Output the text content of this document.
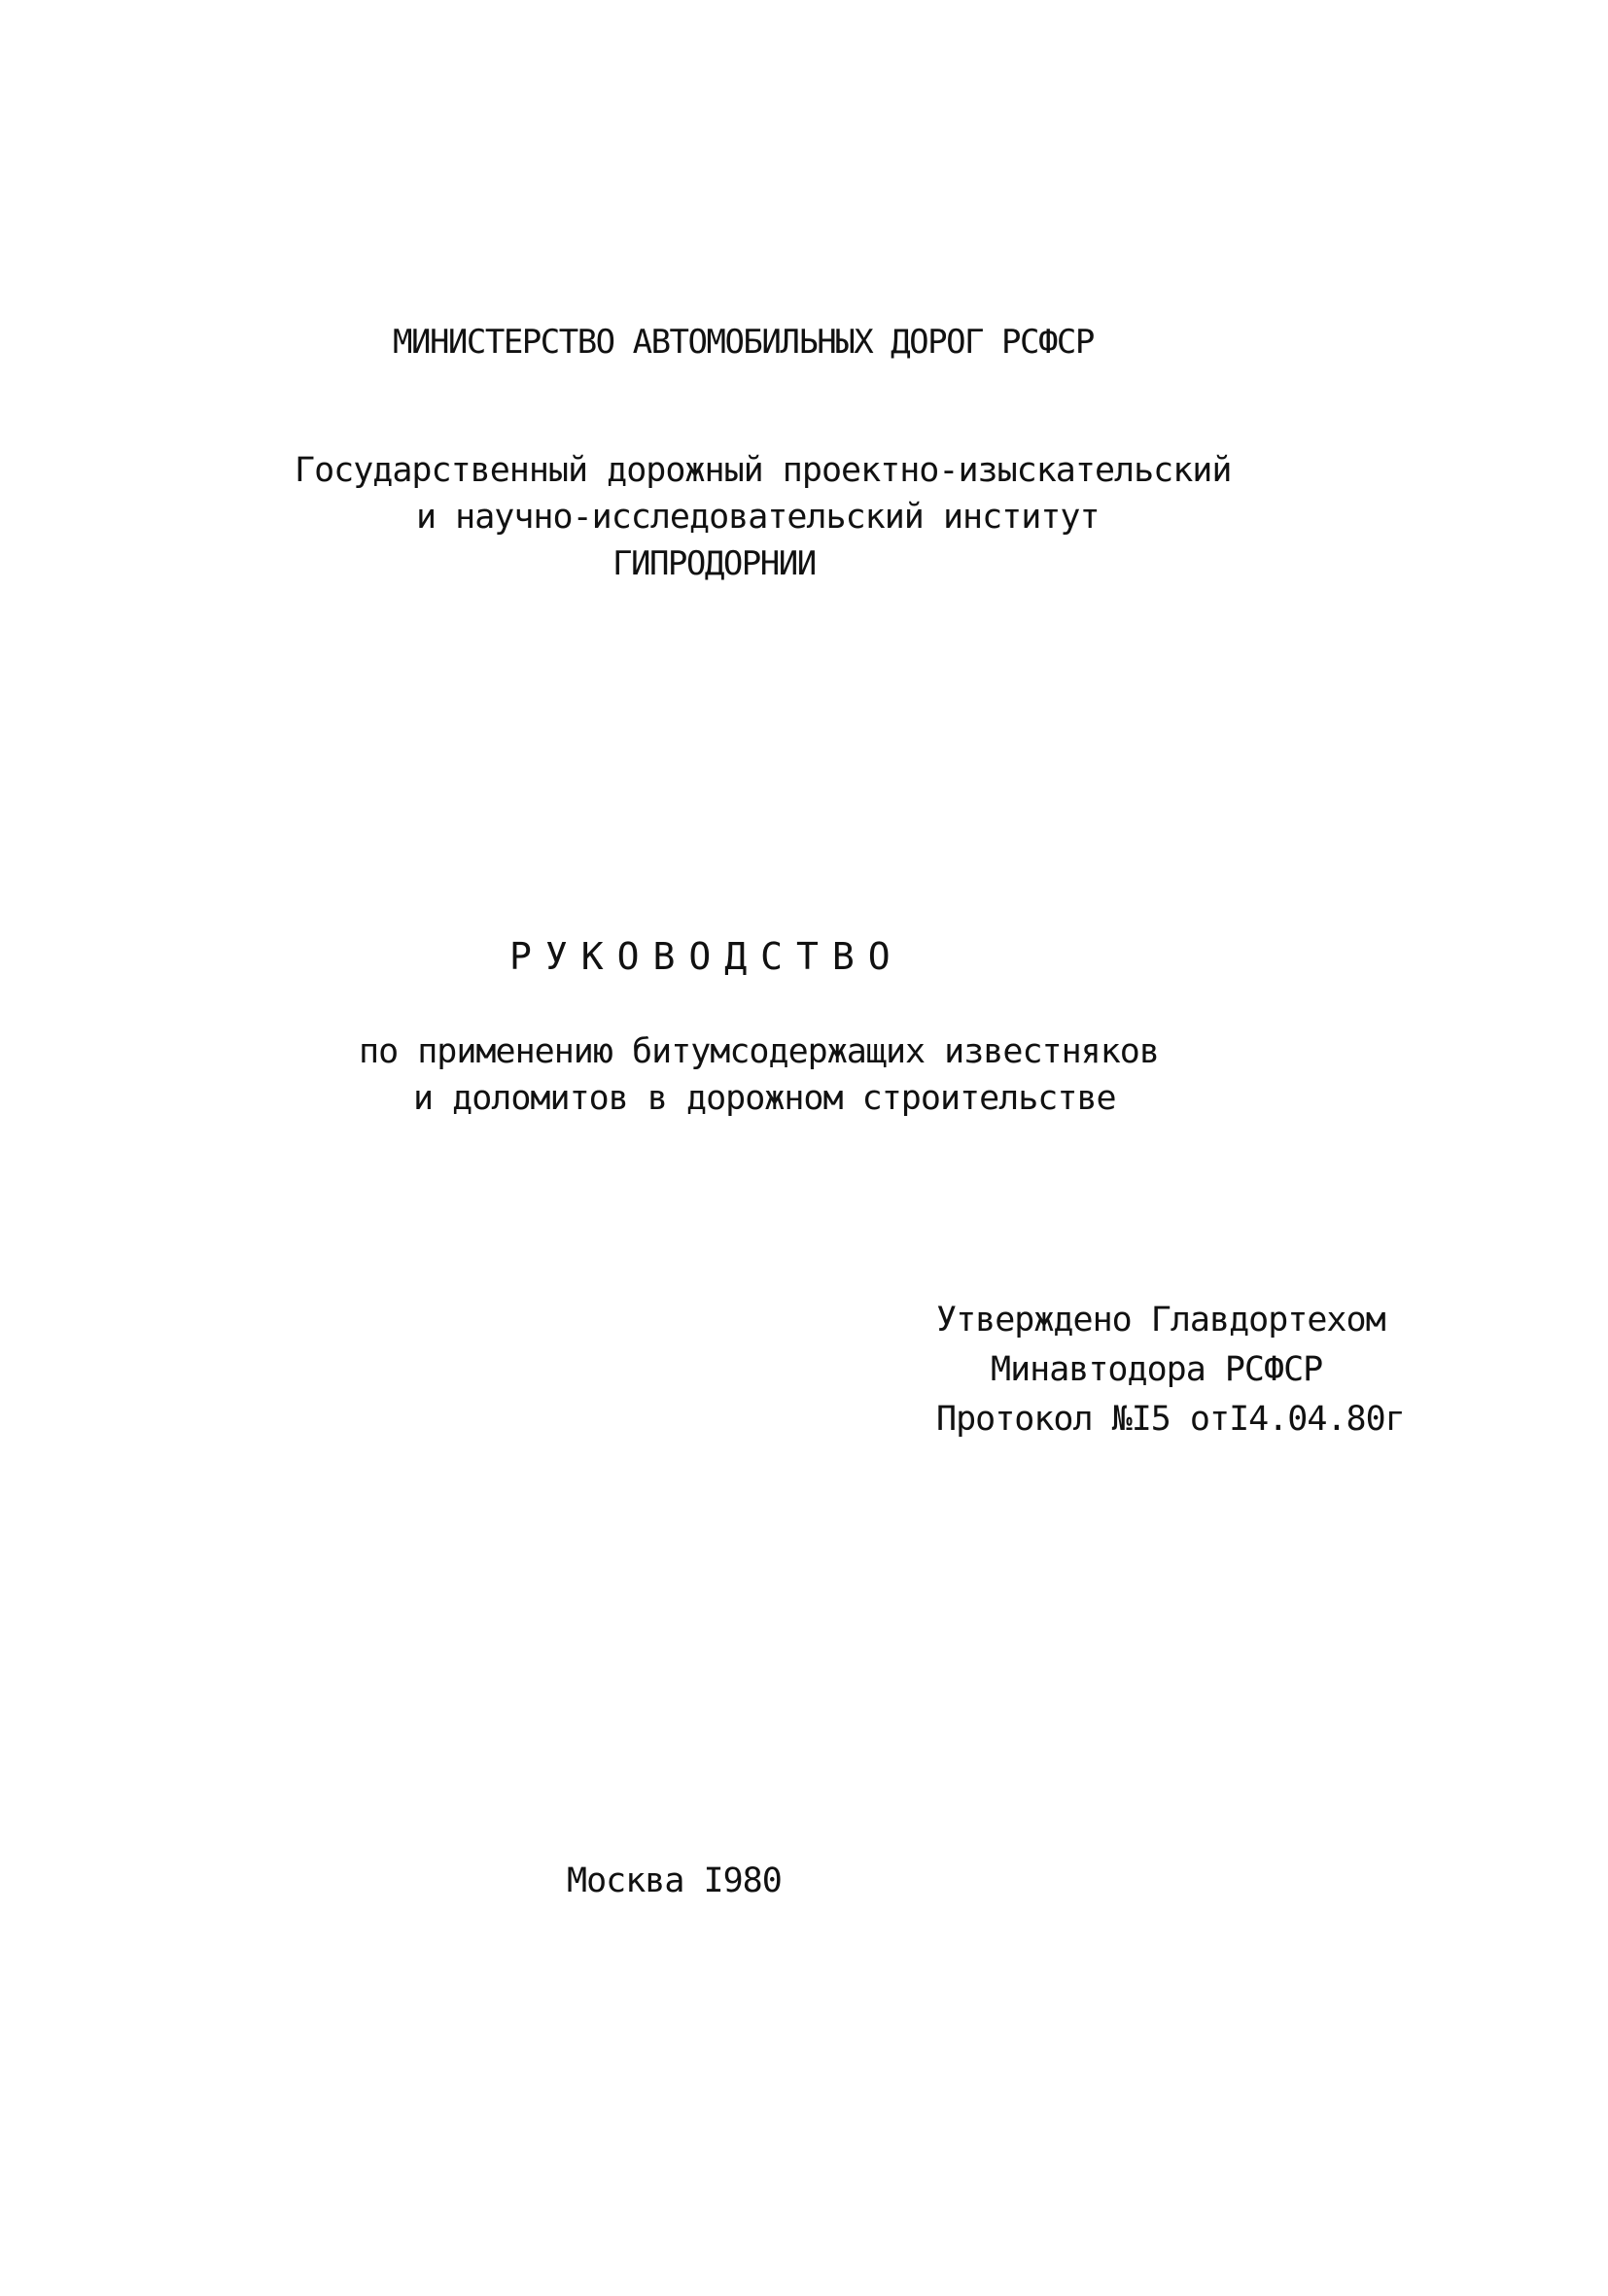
МИНИСТЕРСТВО АВТОМОБИЛЬНЫХ ДОРОГ РСФСР
Государственный дорожный проектно-изыскательский
и научно-исследовательский институт
ГИПРОДОРНИИ
РУКОВОДСТВО
по применению битумсодержащих известняков
и доломитов в дорожном строительстве
Утверждено Главдортехом
Минавтодора РСФСР
Протокол №I5 отI4.04.80г
Москва I980
